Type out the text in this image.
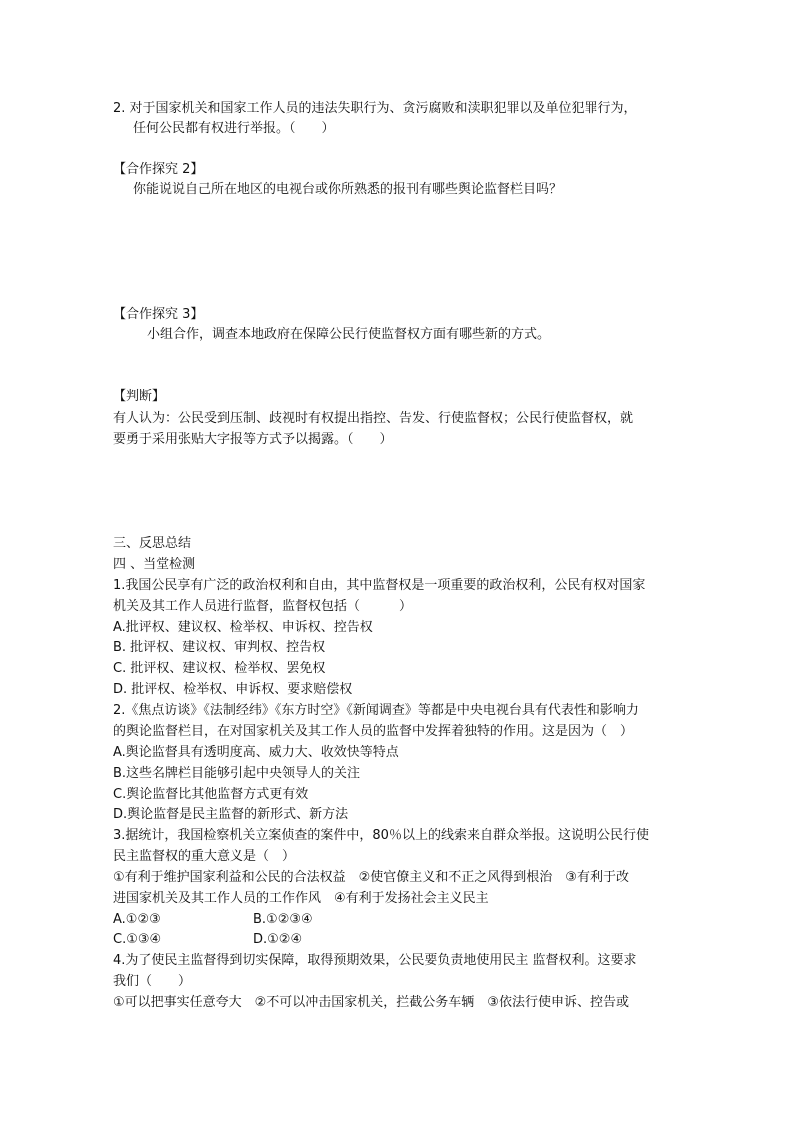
2. 对于国家机关和国家工作人员的违法失职行为、贪污腐败和渎职犯罪以及单位犯罪行为，
任何公民都有权进行举报。（　　）
【合作探究 2】
你能说说自己所在地区的电视台或你所熟悉的报刊有哪些舆论监督栏目吗？
【合作探究 3】
小组合作，调查本地政府在保障公民行使监督权方面有哪些新的方式。
【判断】
有人认为：公民受到压制、歧视时有权提出指控、告发、行使监督权；公民行使监督权，就
要勇于采用张贴大字报等方式予以揭露。（　　）
三、反思总结
四 、当堂检测
1.我国公民享有广泛的政治权利和自由，其中监督权是一项重要的政治权利，公民有权对国家
机关及其工作人员进行监督，监督权包括（　　　）
A.批评权、建议权、检举权、申诉权、控告权
B. 批评权、建议权、审判权、控告权
C. 批评权、建议权、检举权、罢免权
D. 批评权、检举权、申诉权、要求赔偿权
2.《焦点访谈》《法制经纬》《东方时空》《新闻调查》等都是中央电视台具有代表性和影响力
的舆论监督栏目，在对国家机关及其工作人员的监督中发挥着独特的作用。这是因为（　）
A.舆论监督具有透明度高、威力大、收效快等特点
B.这些名牌栏目能够引起中央领导人的关注
C.舆论监督比其他监督方式更有效
D.舆论监督是民主监督的新形式、新方法
3.据统计，我国检察机关立案侦查的案件中，80％以上的线索来自群众举报。这说明公民行使
民主监督权的重大意义是（　）
①有利于维护国家利益和公民的合法权益　②使官僚主义和不正之风得到根治　③有利于改
进国家机关及其工作人员的工作作风　④有利于发扬社会主义民主
A.①②③	B.①②③④
C.①③④	D.①②④
4.为了使民主监督得到切实保障，取得预期效果，公民要负责地使用民主 监督权利。这要求
我们（　　）
①可以把事实任意夸大　②不可以冲击国家机关，拦截公务车辆　③依法行使申诉、控告或
